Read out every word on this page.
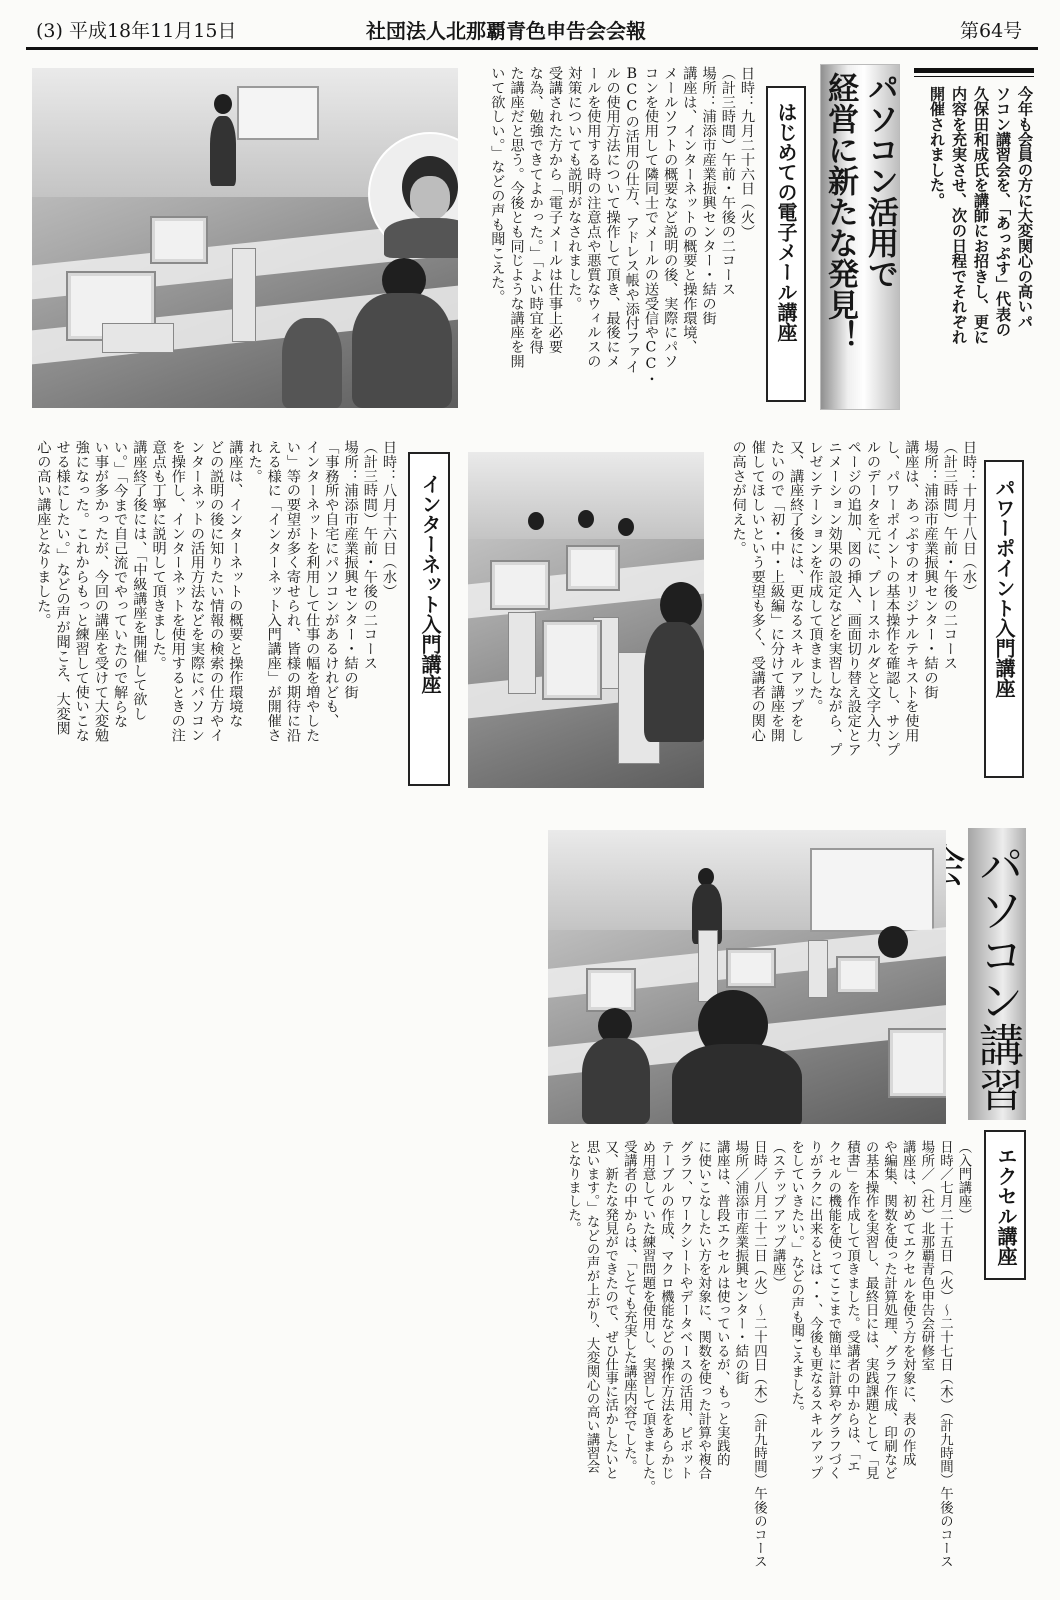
(3) 平成18年11月15日	社団法人北那覇青色申告会会報	第64号

今年も会員の方に大変関心の高いパ
ソコン講習会を、「あっぷす」代表の
久保田和成氏を講師にお招きし、更に
内容を充実させ、次の日程でそれぞれ
開催されました。

パソコン活用で

経営に新たな発見！

はじめての電子メール講座

日時：九月二十六日（火）
（計三時間）午前・午後の二コース
場所：浦添市産業振興センター・結の街
講座は、インターネットの概要と操作環境、
メールソフトの概要など説明の後、実際にパソ
コンを使用して隣同士でメールの送受信やCC・
BCCの活用の仕方、アドレス帳や添付ファイ
ルの使用方法について操作して頂き、最後にメ
ールを使用する時の注意点や悪質なウィルスの
対策についても説明がなされました。
受講された方から「電子メールは仕事上必要
な為、勉強できてよかった。」「よい時宜を得
た講座だと思う。今後とも同じような講座を開
いて欲しい。」などの声も聞こえた。

パワーポイント入門講座

日時：十月十八日（水）
（計三時間）午前・午後の二コース
場所：浦添市産業振興センター・結の街
講座は、あっぷすのオリジナルテキストを使用
し、パワーポイントの基本操作を確認し、サンプ
ルのデータを元に、プレースホルダと文字入力、
ページの追加、図の挿入、画面切り替え設定とア
ニメーション効果の設定などを実習しながら、プ
レゼンテーションを作成して頂きました。
又、講座終了後には、更なるスキルアップをし
たいので「初・中・上級編」に分けて講座を開
催してほしいという要望も多く、受講者の関心
の高さが伺えた。

インターネット入門講座

日時：八月十六日（水）
（計三時間）午前・午後の二コース
場所：浦添市産業振興センター・結の街
「事務所や自宅にパソコンがあるけれども、
インターネットを利用して仕事の幅を増やした
い」等の要望が多く寄せられ、皆様の期待に沿
える様に「インターネット入門講座」が開催さ
れた。
講座は、インターネットの概要と操作環境な
どの説明の後に知りたい情報の検索の仕方やイ
ンターネットの活用方法などを実際にパソコン
を操作し、インターネットを使用するときの注
意点も丁寧に説明して頂きました。
講座終了後には、「中級講座を開催して欲し
い。」「今まで自己流でやっていたので解らな
い事が多かったが、今回の講座を受けて大変勉
強になった。これからもっと練習して使いこな
せる様にしたい。」などの声が聞こえ、大変関
心の高い講座となりました。

パソコン講習

エクセル講座

（入門講座）
日時／七月二十五日（火）～二十七日（木）（計九時間）午後のコース
場所／（社）北那覇青色申告会研修室
講座は、初めてエクセルを使う方を対象に、表の作成
や編集、関数を使った計算処理、グラフ作成、印刷など
の基本操作を実習し、最終日には、実践課題として「見
積書」を作成して頂きました。受講者の中からは、「エ
クセルの機能を使ってここまで簡単に計算やグラフづく
りがラクに出来るとは・・、今後も更なるスキルアップ
をしていきたい。」などの声も聞こえました。
（ステップアップ講座）
日時／八月二十二日（火）～二十四日（木）（計九時間）午後のコース
場所／浦添市産業振興センター・結の街
講座は、普段エクセルは使っているが、もっと実践的
に使いこなしたい方を対象に、関数を使った計算や複合
グラフ、ワークシートやデータベースの活用、ピボット
テーブルの作成、マクロ機能などの操作方法をあらかじ
め用意していた練習問題を使用し、実習して頂きました。
受講者の中からは、「とても充実した講座内容でした。
又、新たな発見ができたので、ぜひ仕事に活かしたいと
思います。」などの声が上がり、大変関心の高い講習会
となりました。
